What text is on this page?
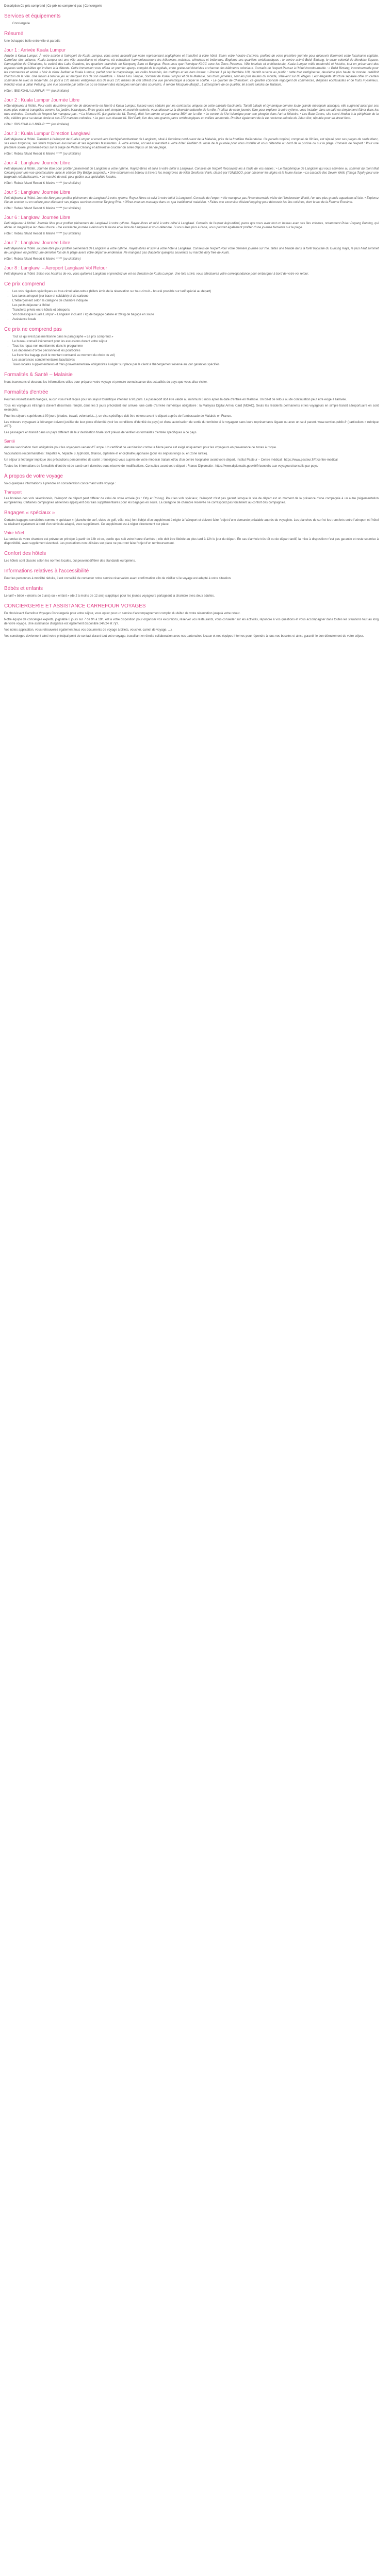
Description Ce pris comprend | Ce prix ne comprend pas | Conciergerie

Services et équipements
• Conciergerie
Résumé

Une échappée belle entre ville et paradis

Jour 1 : Arrivée Kuala Lumpur

Arrivée à Kuala Lumpur. À votre arrivée à l'aéroport de Kuala Lumpur, vous serez accueilli par notre représentant anglophone et transféré à votre hôtel. Selon votre horaire d'arrivée, profitez de votre première journée pour découvrir librement cette fascinante capitale. Carrefour des cultures, Kuala Lumpur est une ville accueillante et vibrante, où cohabitent harmonieusement les influences malaises, chinoises et indiennes. Explorez ses quartiers emblématiques : le centre animé Bukit Bintang, le cœur colonial de Merdeka Square, l'atmosphère de Chinatown, la variété des Lake Gardens, les quartiers branchés de Kampung Baru et Bangsar. Rens-vous que l'iconique KLCC avec les Tours Petronas. Ville futuriste et architecturale, Kuala Lumpur mêle modernité et histoire, tout en préservant des espaces verts paisibles qui invitent à la détente. Cette immersion vous offrira un premier aperçu complet de la capitale, entre gratte-ciel futuristes et charme des bâtiments coloniaux. Conseils de l'expert Pensez à l'hôtel incontournable : « Bukit Bintang, incontournable pour les commerces et animé » Voir le vieux Jadinet le Kuala Lumpur, parfait pour le magasinage, les cafés branchés, les rooftops et les bars locaux. • Prenez 1 (à la) Merdeka 118, bientôt ouverte au public : cette tour vertigineuse, deuxième plus haute du monde, redéfinit l'horizon de la ville. Une fusion à tenir le jeu au marquer lors de son ouverture. • Thean Hou Temple, Sommet de Kuala Lumpur et de la Malaisie, ces tours jumelles, sont les plus hautes du monde, s'élèvent sur 88 étages. Leur élégante structure séparée offre un certain sommaire lié avec la modernité. Le pont à 170 mètres vertigineux lors de leurs 170 mètres de ciel offrent une vue panoramique à couper le souffle. • Le quartier de Chinatown: ce quartier coloniste regorgent de commerces, d'églises ecclésiastes et de fruits mystérieux. Rendez-vous à Jalan Petaling, une vue couverte par cette rue où se trouvent des échoppes vendant des souvenirs. À rendre Mosquée Masjid... L'atmosphère de ce quartier, lié à trois siècles de Malaisie.

Hôtel : IBIS KUALA LUMPUR **** (ou similaire)

Jour 2 : Kuala Lumpur Journée Libre

Hôtel déjeuner à l'hôtel. Pour cette deuxième journée de découverte en liberté à Kuala Lumpur, laissez-vous séduire par les contrastes uniques de cette capitale fascinante. Tantôt balade et dynamique comme toute grande métropole asiatique, elle surprend aussi par ses coins plus verts et tranquilles comme les jardins botaniques. Entre gratte-ciel, temples et marchés colorés, vous découvrez la diversité culturelle de la ville. Profitez de cette journée libre pour explorer à votre rythme, vous installer dans un café ou simplement flâner dans les rues animées. Conseils de l'expert Ne manquez pas : • La Menara KL (Le gratte-ciel KL Tower), d'où l'on admire un panorama 360° sur la ville. • Le centre de l'Art Islamique pour une plongée dans l'art et l'histoire. • Les Batu Caves, site sacré hindou à la périphérie de la ville, célèbre pour sa statue dorée et ses 272 marches colorées. • Le parc aux oiseaux KL Bird Park, l'un des plus grands parcs ornithologiques en volière au monde. Profitez également de la vie nocturne animée de Jalan Alor, réputée pour sa street food.

Hôtel : IBIS KUALA LUMPUR **** (ou similaire)

Jour 3 : Kuala Lumpur Direction Langkawi

Petit déjeuner à l'hôtel. Transfert à l'aéroport de Kuala Lumpur et envol vers l'archipel enchanteur de Langkawi, situé à l'extrême nord-ouest de la Malaisie, près de la frontière thaïlandaise. Ce paradis tropical, composé de 99 îles, est réputé pour ses plages de sable blanc, ses eaux turquoise, ses forêts tropicales luxuriantes et ses légendes fascinantes. À votre arrivée, accueil et transfert à votre hôtel. Profitez du reste de la journée pour vous installer et vous détendre au bord de la piscine ou sur la plage. Conseils de l'expert : Pour une première soirée, promenez-vous sur la plage de Pantai Cenang et admirez le coucher du soleil depuis un bar de plage.

Hôtel : Rebak Island Resort & Marina ***** (ou similaire)

Jour 4 : Langkawi Journée Libre

Petit déjeuner à l'hôtel. Journée libre pour profiter pleinement de Langkawi à votre rythme. Rayez-libres et suivi à votre hôtel à Langkawi. Conseils de l'expert Recouvrez-les à l'aide de vos envies : • Le téléphérique de Langkawi qui vous emmène au sommet du mont Mat Cincang pour une vue spectaculaire, avec le célèbre Sky Bridge suspendu. • Une excursion en bateau à travers les mangroves de Kilim Geoforest Park, classé par l'UNESCO, pour observer les aigles et la faune locale. • La cascade des Seven Wells (Telaga Tujuh) pour une baignade rafraîchissante. • Le marché de nuit, pour goûter aux spécialités locales.

Hôtel : Rebak Island Resort & Marina ***** (ou similaire)

Jour 5 : Langkawi Journée Libre

Petit déjeuner à l'hôtel. Journée libre pour profiter pleinement de Langkawi à votre rythme. Rayez-libres et suivi à votre hôtel à Langkawi. Conseils de l'expert • Ne manquez pas l'incontournable visite de l'Underwater World, l'un des plus grands aquariums d'Asie. • Explorez l'île en scooter ou en voiture pour découvrir ses plages secrètes comme Tanjung Rhu. • Offrez-vous un massage dans un spa traditionnel malaisien. • Faites une excursion d'island hopping pour découvrir les îles voisines, dont le lac de la Femme Enceinte.

Hôtel : Rebak Island Resort & Marina ***** (ou similaire)

Jour 6 : Langkawi Journée Libre

Petit déjeuner à l'hôtel. Journée libre pour profiter pleinement de Langkawi à votre rythme. Rayez-libres et suivi à votre hôtel à Langkawi. Conseils de l'expert Aujourd'hui, parce que vous avez tout un bateau avec ses îles voisines, notamment Pulau Dayang Bunting, qui abrite un magnifique lac d'eau douce. Une excellente journée à découvrir la faune et la flore de Langkawi et vous détendre. Si vous êtes plus à l'aise, vous pourrez également profiter d'une journée farniente sur la plage.

Hôtel : Rebak Island Resort & Marina ***** (ou similaire)

Jour 7 : Langkawi Journée Libre

Petit déjeuner à l'hôtel. Journée libre pour profiter pleinement de Langkawi à votre rythme. Rayez-libres et suivi à votre hôtel à Langkawi. Conseils de l'expert Pour votre dernière journée sur l'île, faites une balade dans la forêt tropicale du Gunung Raya, le plus haut sommet de Langkawi, ou profitez une dernière fois de la plage avant votre départ le lendemain. Ne manquez pas d'acheter quelques souvenirs au marché duty free de Kuah.

Hôtel : Rebak Island Resort & Marina ***** (ou similaire)

Jour 8 : Langkawi – Aeroport Langkawi Vol Retour

Petit déjeuner à l'hôtel. Selon vos horaires de vol, vous quitterez Langkawi et prendrez un vol en direction de Kuala Lumpur. Une fois arrivé, vous effectuerez votre correspondance pour embarquer à bord de votre vol retour.

Ce prix comprend
• Les vols réguliers spécifiques au tour-circuit aller-retour (billets émis de la réservation sur tour-circuit – bouclé possible sur tarif spécial au départ)
• Les taxes aéroport (sur base et soldable) et de carbone
• L'hébergement selon la catégorie de chambre indiquée
• Les petits déjeuner à l'hôtel
• Transferts privés entre hôtels et aéroports
• Vol domestique Kuala Lumpur – Langkawi incluant 7 kg de bagage cabine et 20 kg de bagage en soute
• Assistance locale
Ce prix ne comprend pas
• Tout ce qui n'est pas mentionné dans le paragraphe « Le prix comprend »
• Le bureau conseil évènement pour les excursions durant votre séjour
• Tous les repas non mentionnés dans le programme
• Les dépenses d'ordre personnel et les pourboires
• La franchise bagage (soit le montant contracté au moment du choix du vol)
• Les assurances complémentaires facultatives
• Taxes locales supplémentaires et frais gouvernementaux obligatoires à régler sur place par le client à l'hébergement réservé au jour garanties spécifiés
Formalités & Santé – Malaisie

Nous traversons ci-dessous les informations utiles pour préparer votre voyage et prendre connaissance des actualités du pays que vous allez visiter.

Formalités d'entrée

Pour les ressortissants français, aucun visa n'est requis pour un séjour touristique inférieur à 90 jours. Le passeport doit être valide au minimum 6 mois après la date d'entrée en Malaisie. Un billet de retour ou de continuation peut être exigé à l'arrivée.

Tous les voyageurs étrangers doivent désormais remplir, dans les 3 jours précédant leur arrivée, une carte d'arrivée numérique obligatoire : la Malaysia Digital Arrival Card (MDAC). Seuls les résidents permanents et les voyageurs en simple transit aéroportuaire en sont exemptés.

Pour les séjours supérieurs à 90 jours (études, travail, volontariat...), un visa spécifique doit être obtenu avant le départ auprès de l'ambassade de Malaisie en France.

Les mineurs voyageant à l'étranger doivent justifier de leur pièce d'identité (voir les conditions d'identité du pays) et d'une autorisation de sortie du territoire si le voyageur sans leurs représentants légaux ou avec un seul parent. www.service-public.fr (particuliers > rubrique AST).

Les passagers en transit dans un pays différent de leur destination finale sont prévus de vérifier les formalités d'entrée spécifiques à ce pays.

Santé

Aucune vaccination n'est obligatoire pour les voyageurs venant d'Europe. Un certificat de vaccination contre la fièvre jaune est exigé uniquement pour les voyageurs en provenance de zones à risque.

Vaccinations recommandées : hépatite A, hépatite B, typhoïde, tétanos, diphtérie et encéphalite japonaise (pour les séjours longs ou en zone rurale).

Un séjour à l'étranger implique des précautions personnelles de santé ; renseignez-vous auprès de votre médecin traitant et/ou d'un centre hospitalier avant votre départ. Institut Pasteur – Centre médical : https://www.pasteur.fr/fr/centre-medical

Toutes les informations de formalités d'entrée et de santé sont données sous réserve de modifications. Consultez avant votre départ : France Diplomatie : https://www.diplomatie.gouv.fr/fr/conseils-aux-voyageurs/conseils-par-pays/

À propos de votre voyage

Voici quelques informations à prendre en considération concernant votre voyage :

Transport

Les horaires des vols sélectionnés, l'aéroport de départ peut différer de celui de votre arrivée (ex : Orly et Roissy). Pour les vols spéciaux, l'aéroport n'est pas garanti lorsque le site de départ est un moment de la présence d'une compagnie à un autre (réglementation européenne). Certaines compagnies aériennes appliquent des frais supplémentaires pour les bagages en soute. La catégorie de chambre réservée ne correspond pas forcément au confort des compagnies.

Bagages « spéciaux »

Certains bagages considérés comme « spéciaux » (planche de surf, clubs de golf, vélo, etc.) font l'objet d'un supplément à régler à l'aéroport et doivent faire l'objet d'une demande préalable auprès du voyagiste. Les planches de surf et les transferts entre l'aéroport et l'hôtel se réalisent également à bord d'un véhicule adapté, avec supplément. Ce supplément est à régler directement sur place.

Votre hôtel

La remise de votre chambre est prévue en principe à partir de 14h et ce, quelle que soit votre heure d'arrivée ; elle doit être libérée au plus tard à 12h le jour du départ. En cas d'arrivée très tôt ou de départ tardif, la mise à disposition n'est pas garantie et reste soumise à disponibilité, avec supplément éventuel. Les prestations non utilisées sur place ne pourront faire l'objet d'un remboursement.

Confort des hôtels

Les hôtels sont classés selon les normes locales, qui peuvent différer des standards européens.

Informations relatives à l'accessibilité

Pour les personnes à mobilité réduite, il est conseillé de contacter notre service réservation avant confirmation afin de vérifier si le voyage est adapté à votre situation.

Bébés et enfants

Le tarif « bébé » (moins de 2 ans) ou « enfant » (de 2 à moins de 12 ans) s'applique pour les jeunes voyageurs partageant la chambre avec deux adultes.

CONCIERGERIE ET ASSISTANCE CARREFOUR VOYAGES

En choisissant Carrefour Voyages Conciergerie pour votre séjour, vous optez pour un service d'accompagnement complet du début de votre réservation jusqu'à votre retour.

Notre équipe de concierges experts, joignable 6 jours sur 7 de 9h à 19h, est à votre disposition pour organiser vos excursions, réserver vos restaurants, vous conseiller sur les activités, répondre à vos questions et vous accompagner dans toutes les situations tout au long de votre voyage. Une assistance d'urgence est également disponible 24h/24 et 7j/7.

Vos notes application, vous retrouverez également tous vos documents de voyage à billets, voucher, carnet de voyage, ...).

Vos concierges deviennent ainsi votre principal point de contact durant tout votre voyage, travaillant en étroite collaboration avec nos partenaires locaux et nos équipes internes pour répondre à tous vos besoins et ainsi, garantir le bon déroulement de votre séjour.
